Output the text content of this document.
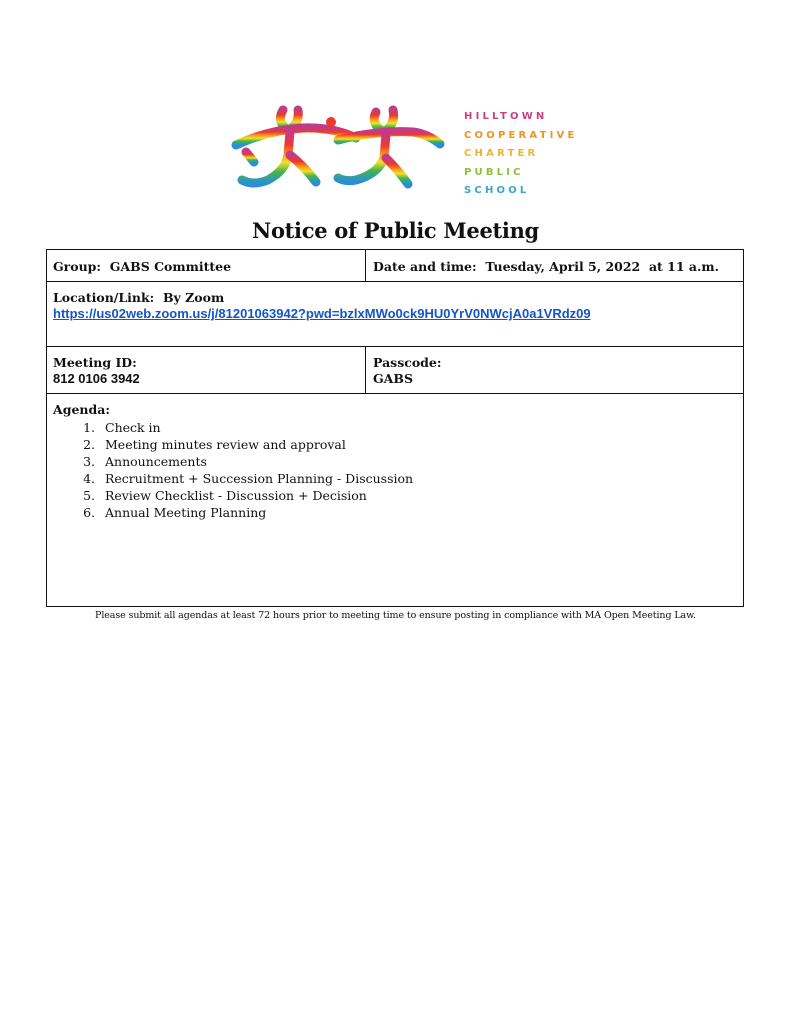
HILLTOWN
COOPERATIVE
CHARTER
PUBLIC
SCHOOL
Notice of Public Meeting
Group: GABS Committee	Date and time: Tuesday, April 5, 2022  at 11 a.m.
Location/Link: By Zoom
https://us02web.zoom.us/j/81201063942?pwd=bzlxMWo0ck9HU0YrV0NWcjA0a1VRdz09
Meeting ID:
812 0106 3942
Passcode:
GABS
Agenda:
1. Check in
2. Meeting minutes review and approval
3. Announcements
4. Recruitment + Succession Planning - Discussion
5. Review Checklist - Discussion + Decision
6. Annual Meeting Planning
Please submit all agendas at least 72 hours prior to meeting time to ensure posting in compliance with MA Open Meeting Law.
